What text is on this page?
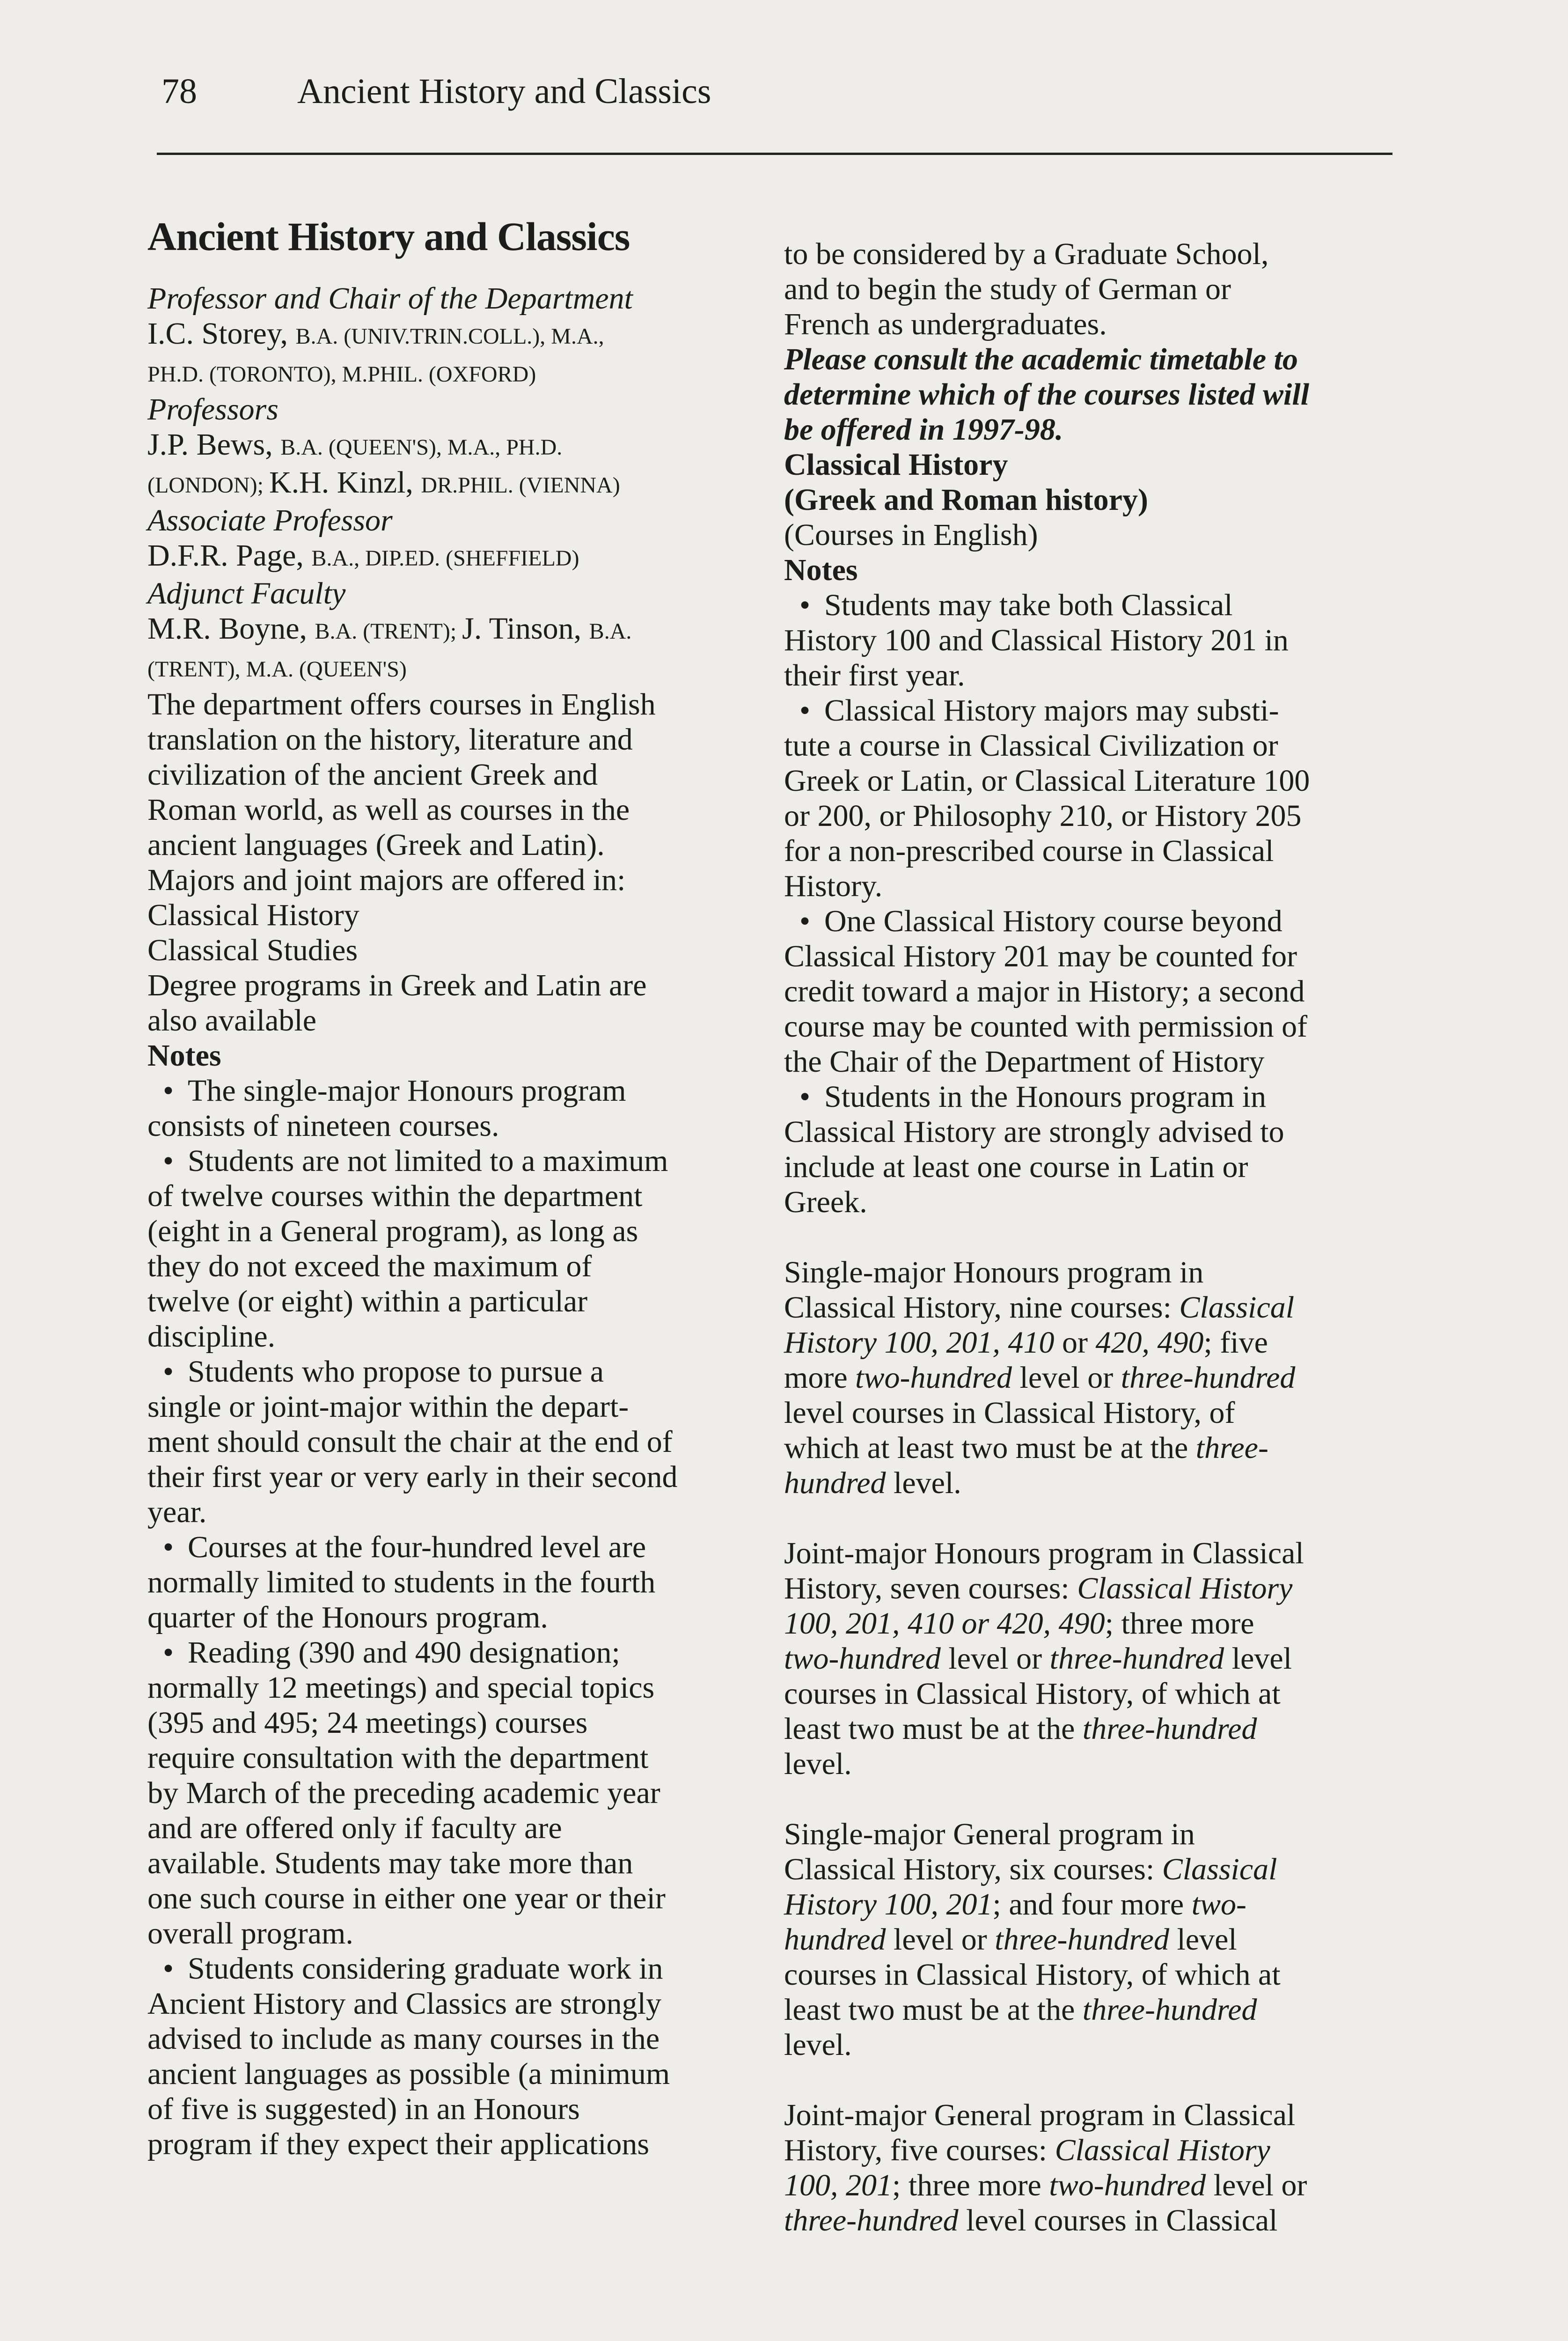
78	Ancient History and Classics
Ancient History and Classics

Professor and Chair of the Department

I.C. Storey, B.A. (UNIV.TRIN.COLL.), M.A.,
PH.D. (TORONTO), M.PHIL. (OXFORD)

Professors

J.P. Bews, B.A. (QUEEN'S), M.A., PH.D.
(LONDON); K.H. Kinzl, DR.PHIL. (VIENNA)

Associate Professor

D.F.R. Page, B.A., DIP.ED. (SHEFFIELD)

Adjunct Faculty

M.R. Boyne, B.A. (TRENT); J. Tinson, B.A.
(TRENT), M.A. (QUEEN'S)

The department offers courses in English
translation on the history, literature and
civilization of the ancient Greek and
Roman world, as well as courses in the
ancient languages (Greek and Latin).
Majors and joint majors are offered in:
Classical History
Classical Studies
Degree programs in Greek and Latin are
also available

Notes

• The single-major Honours program
consists of nineteen courses.

• Students are not limited to a maximum
of twelve courses within the department
(eight in a General program), as long as
they do not exceed the maximum of
twelve (or eight) within a particular
discipline.

• Students who propose to pursue a
single or joint-major within the depart-
ment should consult the chair at the end of
their first year or very early in their second
year.

• Courses at the four-hundred level are
normally limited to students in the fourth
quarter of the Honours program.

• Reading (390 and 490 designation;
normally 12 meetings) and special topics
(395 and 495; 24 meetings) courses
require consultation with the department
by March of the preceding academic year
and are offered only if faculty are
available. Students may take more than
one such course in either one year or their
overall program.

• Students considering graduate work in
Ancient History and Classics are strongly
advised to include as many courses in the
ancient languages as possible (a minimum
of five is suggested) in an Honours
program if they expect their applications

to be considered by a Graduate School,
and to begin the study of German or
French as undergraduates.

Please consult the academic timetable to
determine which of the courses listed will
be offered in 1997-98.

Classical History

(Greek and Roman history)

(Courses in English)

Notes

• Students may take both Classical
History 100 and Classical History 201 in
their first year.

• Classical History majors may substi-
tute a course in Classical Civilization or
Greek or Latin, or Classical Literature 100
or 200, or Philosophy 210, or History 205
for a non-prescribed course in Classical
History.

• One Classical History course beyond
Classical History 201 may be counted for
credit toward a major in History; a second
course may be counted with permission of
the Chair of the Department of History

• Students in the Honours program in
Classical History are strongly advised to
include at least one course in Latin or
Greek.

Single-major Honours program in
Classical History, nine courses: Classical
History 100, 201, 410 or 420, 490; five
more two-hundred level or three-hundred
level courses in Classical History, of
which at least two must be at the three-
hundred level.

Joint-major Honours program in Classical
History, seven courses: Classical History
100, 201, 410 or 420, 490; three more
two-hundred level or three-hundred level
courses in Classical History, of which at
least two must be at the three-hundred
level.

Single-major General program in
Classical History, six courses: Classical
History 100, 201; and four more two-
hundred level or three-hundred level
courses in Classical History, of which at
least two must be at the three-hundred
level.

Joint-major General program in Classical
History, five courses: Classical History
100, 201; three more two-hundred level or
three-hundred level courses in Classical
